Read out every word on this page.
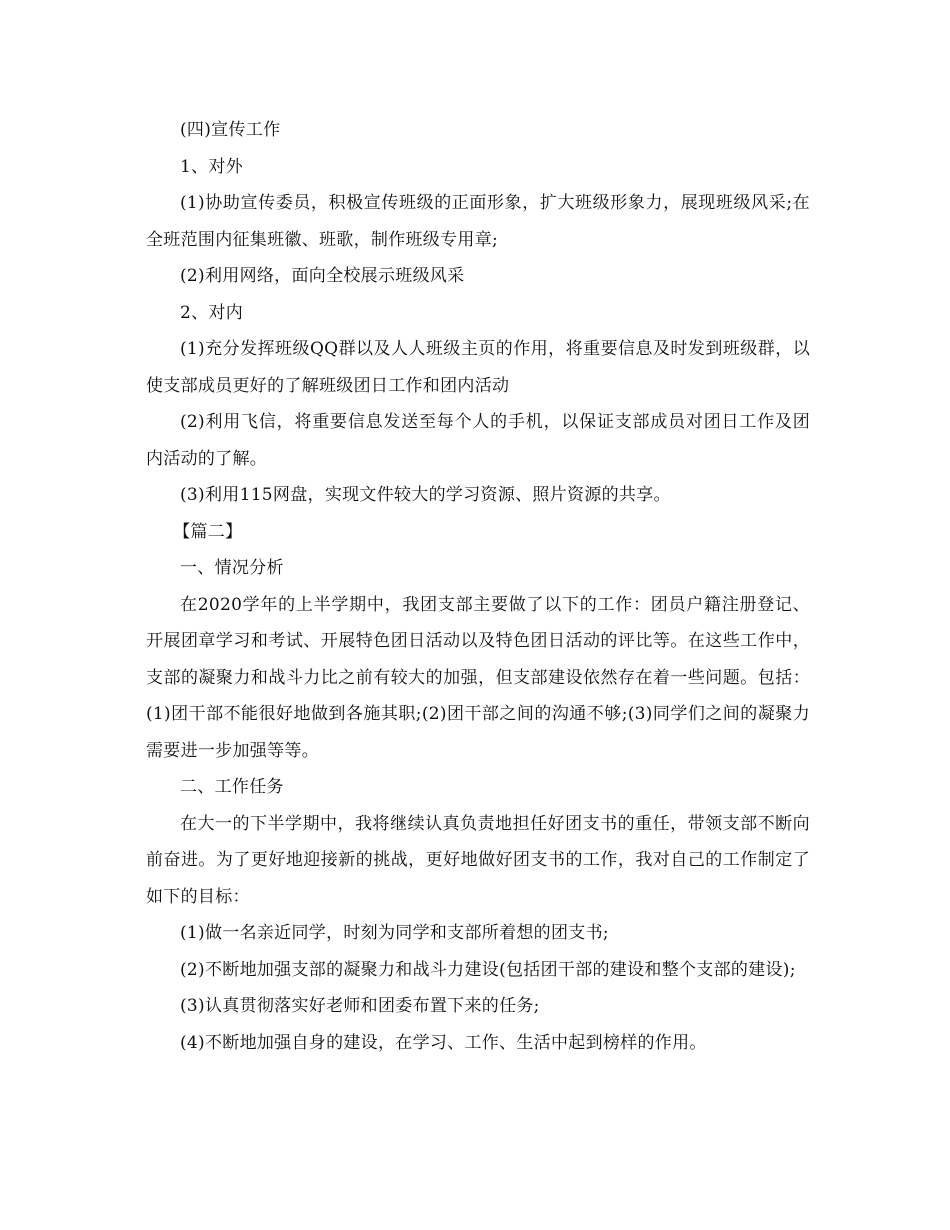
(四)宣传工作

1、对外

(1)协助宣传委员，积极宣传班级的正面形象，扩大班级形象力，展现班级风采;在全班范围内征集班徽、班歌，制作班级专用章;

(2)利用网络，面向全校展示班级风采

2、对内

(1)充分发挥班级QQ群以及人人班级主页的作用，将重要信息及时发到班级群，以使支部成员更好的了解班级团日工作和团内活动

(2)利用飞信，将重要信息发送至每个人的手机，以保证支部成员对团日工作及团内活动的了解。

(3)利用115网盘，实现文件较大的学习资源、照片资源的共享。

【篇二】

一、情况分析

在2020学年的上半学期中，我团支部主要做了以下的工作：团员户籍注册登记、开展团章学习和考试、开展特色团日活动以及特色团日活动的评比等。在这些工作中，支部的凝聚力和战斗力比之前有较大的加强，但支部建设依然存在着一些问题。包括：(1)团干部不能很好地做到各施其职;(2)团干部之间的沟通不够;(3)同学们之间的凝聚力需要进一步加强等等。

二、工作任务

在大一的下半学期中，我将继续认真负责地担任好团支书的重任，带领支部不断向前奋进。为了更好地迎接新的挑战，更好地做好团支书的工作，我对自己的工作制定了如下的目标：

(1)做一名亲近同学，时刻为同学和支部所着想的团支书;

(2)不断地加强支部的凝聚力和战斗力建设(包括团干部的建设和整个支部的建设);

(3)认真贯彻落实好老师和团委布置下来的任务;

(4)不断地加强自身的建设，在学习、工作、生活中起到榜样的作用。
